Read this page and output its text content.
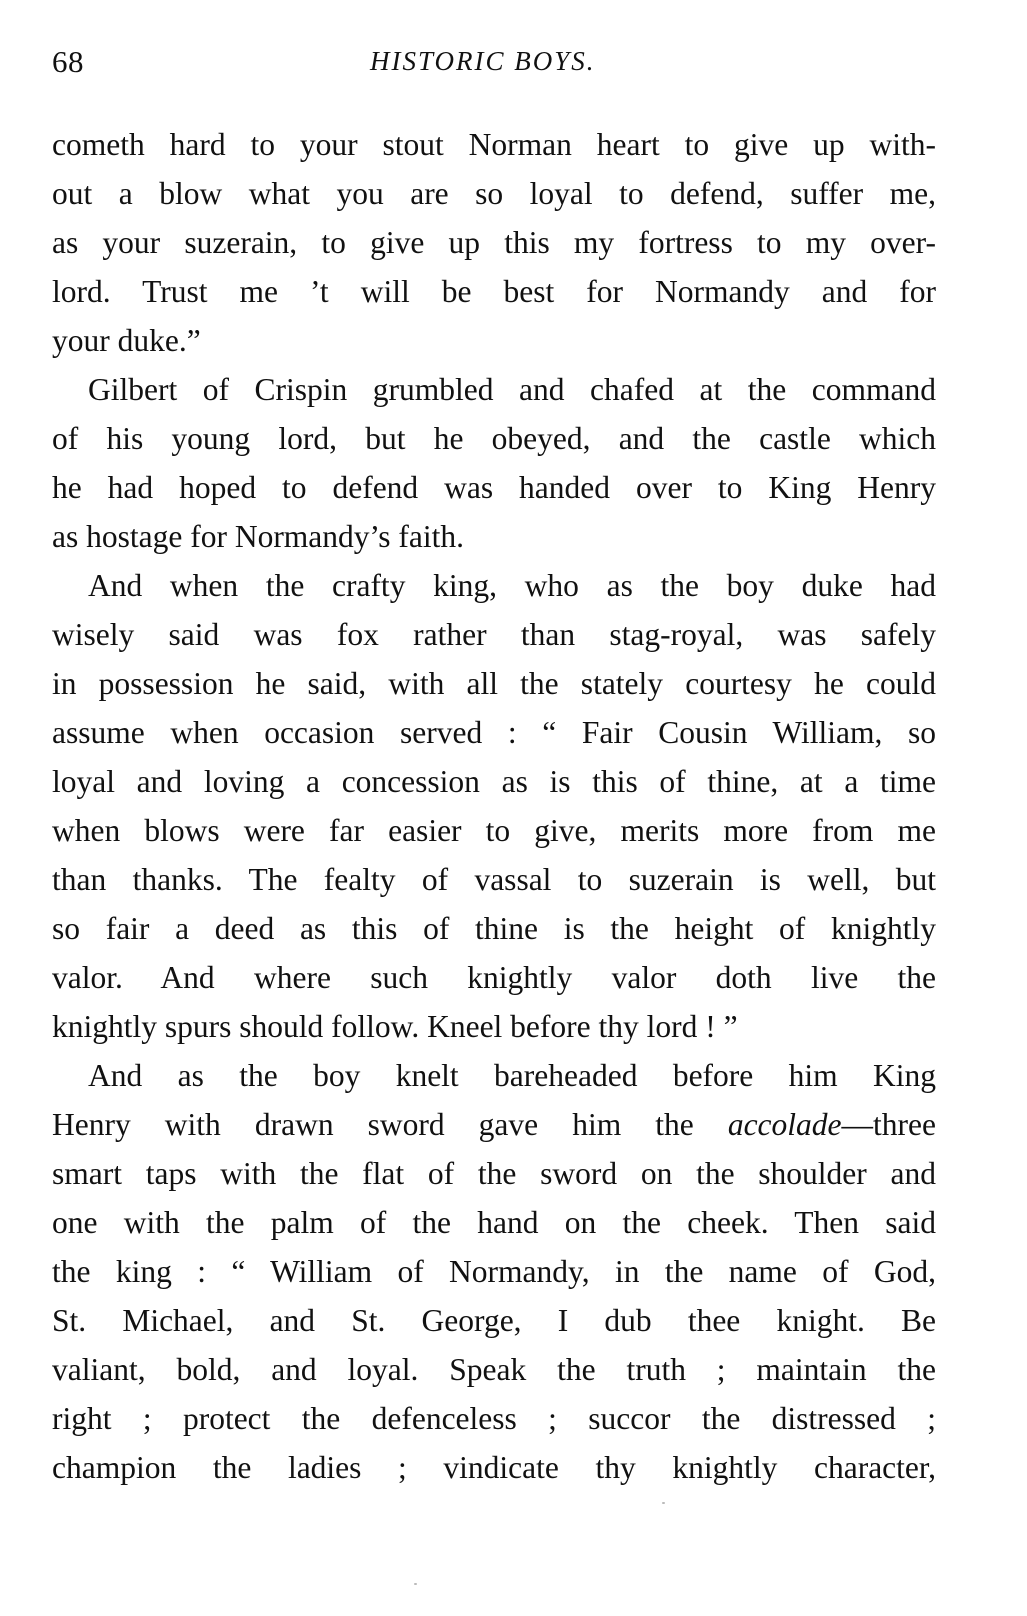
68	HISTORIC BOYS.
cometh hard to your stout Norman heart to give up with-
out a blow what you are so loyal to defend, suffer me,
as your suzerain, to give up this my fortress to my over-
lord. Trust me ’t will be best for Normandy and for
your duke.”
Gilbert of Crispin grumbled and chafed at the command
of his young lord, but he obeyed, and the castle which
he had hoped to defend was handed over to King Henry
as hostage for Normandy’s faith.
And when the crafty king, who as the boy duke had
wisely said was fox rather than stag-royal, was safely
in possession he said, with all the stately courtesy he could
assume when occasion served : “ Fair Cousin William, so
loyal and loving a concession as is this of thine, at a time
when blows were far easier to give, merits more from me
than thanks. The fealty of vassal to suzerain is well, but
so fair a deed as this of thine is the height of knightly
valor. And where such knightly valor doth live the
knightly spurs should follow. Kneel before thy lord ! ”
And as the boy knelt bareheaded before him King
Henry with drawn sword gave him the accolade—three
smart taps with the flat of the sword on the shoulder and
one with the palm of the hand on the cheek. Then said
the king : “ William of Normandy, in the name of God,
St. Michael, and St. George, I dub thee knight. Be
valiant, bold, and loyal. Speak the truth ; maintain the
right ; protect the defenceless ; succor the distressed ;
champion the ladies ; vindicate thy knightly character,
